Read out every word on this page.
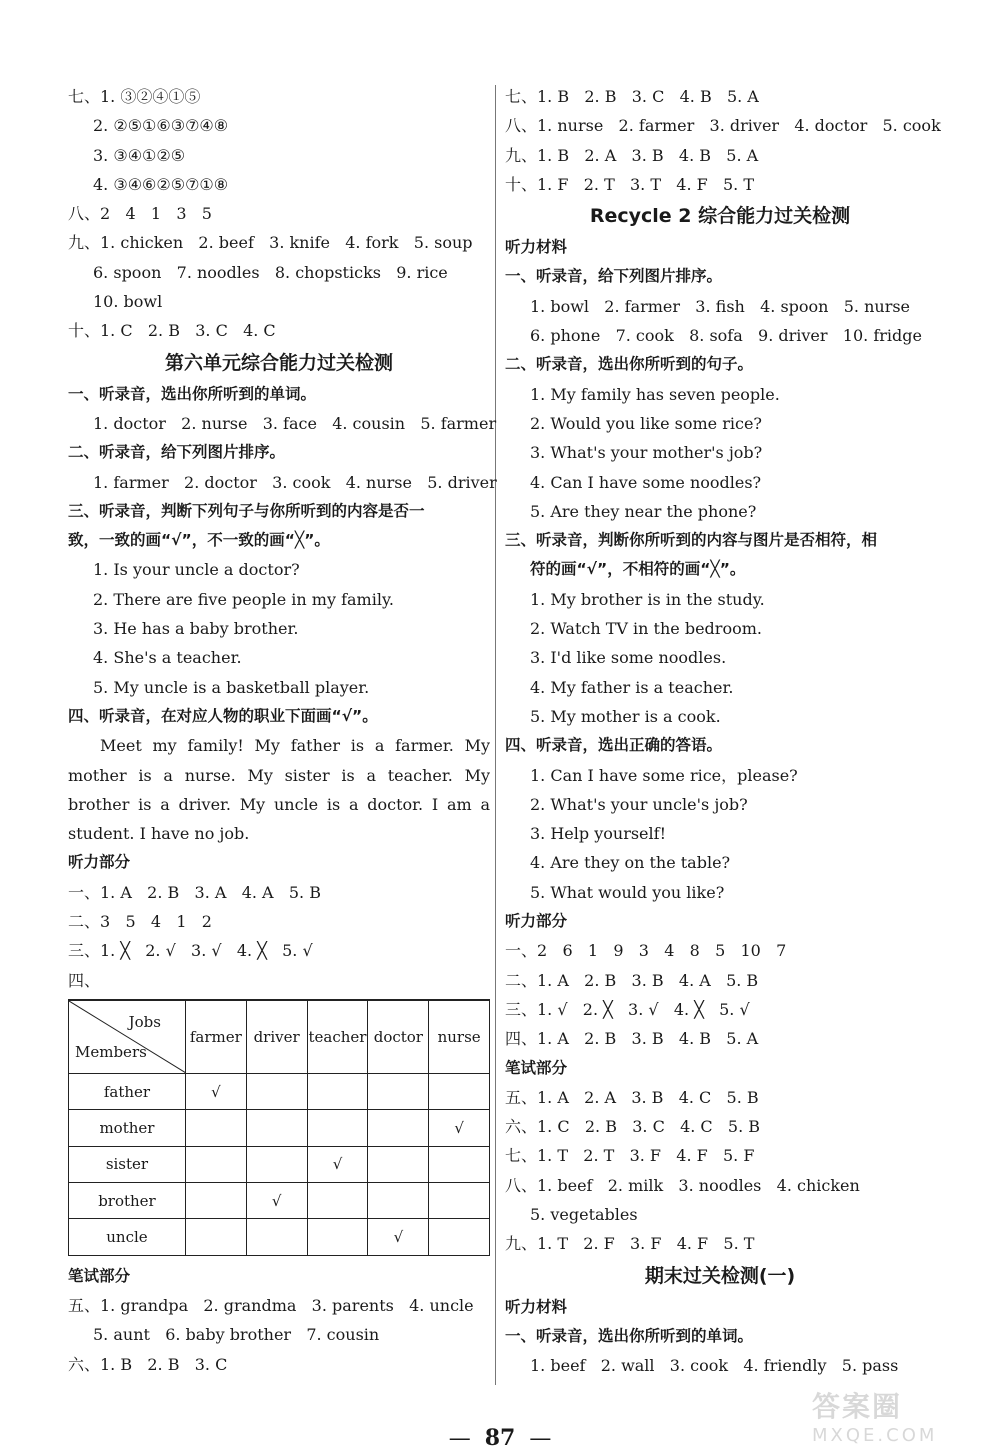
七、1. ③②④①⑤
2. ②⑤①⑥③⑦④⑧
3. ③④①②⑤
4. ③④⑥②⑤⑦①⑧
八、2   4   1   3   5
九、1. chicken   2. beef   3. knife   4. fork   5. soup
6. spoon   7. noodles   8. chopsticks   9. rice
10. bowl
十、1. C   2. B   3. C   4. C
第六单元综合能力过关检测
一、听录音，选出你所听到的单词。
1. doctor   2. nurse   3. face   4. cousin   5. farmer
二、听录音，给下列图片排序。
1. farmer   2. doctor   3. cook   4. nurse   5. driver
三、听录音，判断下列句子与你所听到的内容是否一
致，一致的画“√”，不一致的画“╳”。
1. Is your uncle a doctor?
2. There are five people in my family.
3. He has a baby brother.
4. She's a teacher.
5. My uncle is a basketball player.
四、听录音，在对应人物的职业下面画“√”。

Meet my family! My father is a farmer. My mother is a nurse. My sister is a teacher. My brother is a driver. My uncle is a doctor. I am a student. I have no job.

听力部分
一、1. A   2. B   3. A   4. A   5. B
二、3   5   4   1   2
三、1. ╳   2. √   3. √   4. ╳   5. √
四、
Jobs
Members	farmer	driver	teacher	doctor	nurse
father	√				
mother					√
sister			√		
brother		√			
uncle				√	
笔试部分
五、1. grandpa   2. grandma   3. parents   4. uncle
5. aunt   6. baby brother   7. cousin
六、1. B   2. B   3. C
七、1. B   2. B   3. C   4. B   5. A
八、1. nurse   2. farmer   3. driver   4. doctor   5. cook
九、1. B   2. A   3. B   4. B   5. A
十、1. F   2. T   3. T   4. F   5. T
Recycle 2 综合能力过关检测
听力材料
一、听录音，给下列图片排序。
1. bowl   2. farmer   3. fish   4. spoon   5. nurse
6. phone   7. cook   8. sofa   9. driver   10. fridge
二、听录音，选出你所听到的句子。
1. My family has seven people.
2. Would you like some rice?
3. What's your mother's job?
4. Can I have some noodles?
5. Are they near the phone?
三、听录音，判断你所听到的内容与图片是否相符，相
符的画“√”，不相符的画“╳”。
1. My brother is in the study.
2. Watch TV in the bedroom.
3. I'd like some noodles.
4. My father is a teacher.
5. My mother is a cook.
四、听录音，选出正确的答语。
1. Can I have some rice，please?
2. What's your uncle's job?
3. Help yourself!
4. Are they on the table?
5. What would you like?
听力部分
一、2   6   1   9   3   4   8   5   10   7
二、1. A   2. B   3. B   4. A   5. B
三、1. √   2. ╳   3. √   4. ╳   5. √
四、1. A   2. B   3. B   4. B   5. A
笔试部分
五、1. A   2. A   3. B   4. C   5. B
六、1. C   2. B   3. C   4. C   5. B
七、1. T   2. T   3. F   4. F   5. F
八、1. beef   2. milk   3. noodles   4. chicken
5. vegetables
九、1. T   2. F   3. F   4. F   5. T
期末过关检测(一)
听力材料
一、听录音，选出你所听到的单词。
1. beef   2. wall   3. cook   4. friendly   5. pass
— 87 —
答案圈
MXQE.COM
